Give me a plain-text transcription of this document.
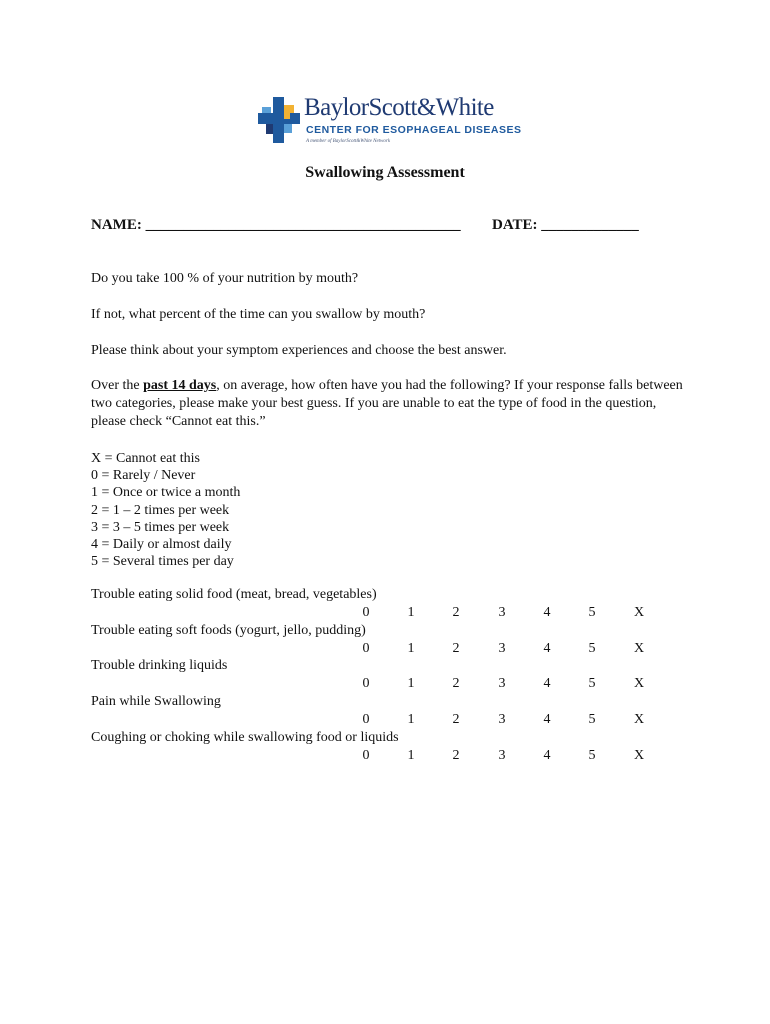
BaylorScott&White
CENTER FOR ESOPHAGEAL DISEASES
A member of BaylorScott&White Network
Swallowing Assessment
NAME: __________________________________________ DATE: _____________
Do you take 100 % of your nutrition by mouth?
If not, what percent of the time can you swallow by mouth?
Please think about your symptom experiences and choose the best answer.
Over the past 14 days, on average, how often have you had the following? If your response falls between two categories, please make your best guess. If you are unable to eat the type of food in the question, please check “Cannot eat this.”
X = Cannot eat this
0 = Rarely / Never
1 = Once or twice a month
2 = 1 – 2 times per week
3 = 3 – 5 times per week
4 = Daily or almost daily
5 = Several times per day
Trouble eating solid food (meat, bread, vegetables)
0	1	2	3	4	5	X
Trouble eating soft foods (yogurt, jello, pudding)
0	1	2	3	4	5	X
Trouble drinking liquids
0	1	2	3	4	5	X
Pain while Swallowing
0	1	2	3	4	5	X
Coughing or choking while swallowing food or liquids
0	1	2	3	4	5	X
